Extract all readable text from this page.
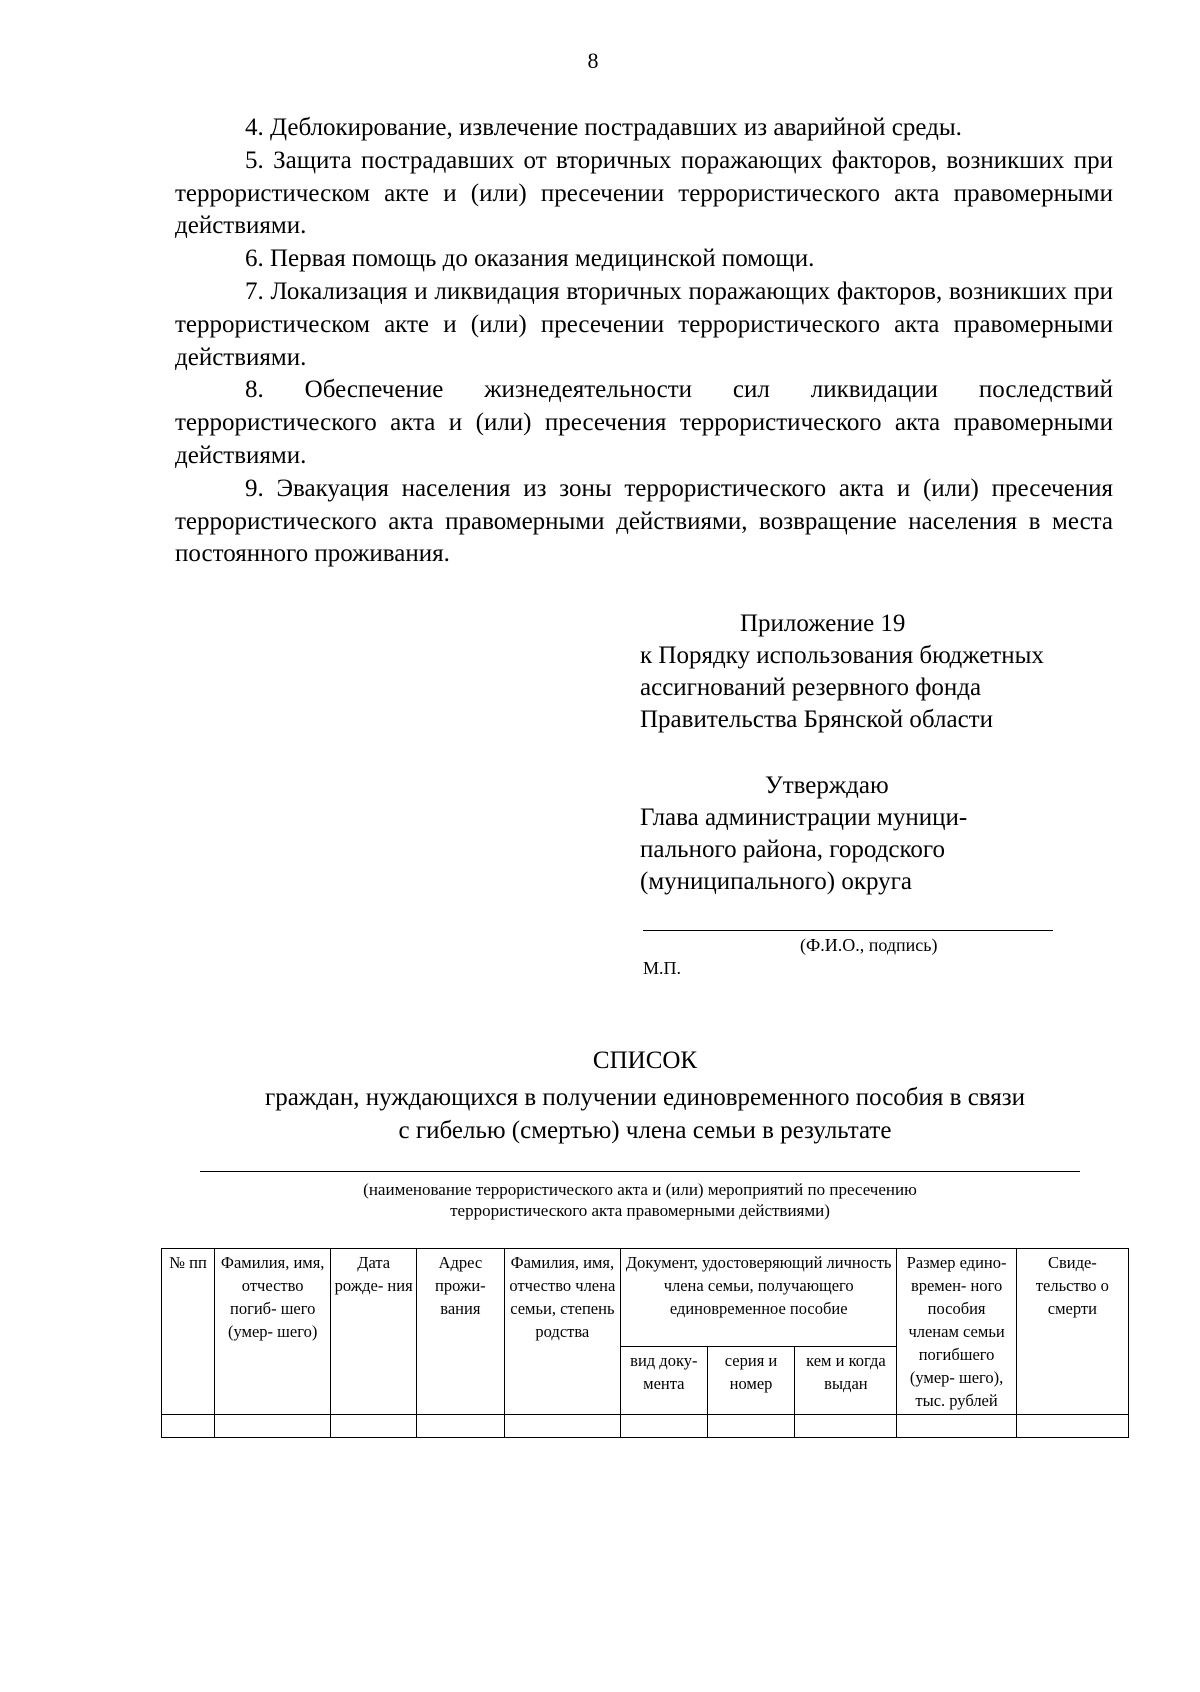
8

4. Деблокирование, извлечение пострадавших из аварийной среды.

5. Защита пострадавших от вторичных поражающих факторов, возникших при террористическом акте и (или) пресечении террористического акта правомерными действиями.

6. Первая помощь до оказания медицинской помощи.

7. Локализация и ликвидация вторичных поражающих факторов, возникших при террористическом акте и (или) пресечении террористического акта правомерными действиями.

8. Обеспечение жизнедеятельности сил ликвидации последствий террористического акта и (или) пресечения террористического акта правомерными действиями.

9. Эвакуация населения из зоны террористического акта и (или) пресечения террористического акта правомерными действиями, возвращение населения в места постоянного проживания.

Приложение 19
к Порядку использования бюджетных
ассигнований резервного фонда
Правительства Брянской области
Утверждаю
Глава администрации муници-
пального района, городского
(муниципального) округа
(Ф.И.О., подпись)
М.П.
СПИСОК
граждан, нуждающихся в получении единовременного пособия в связи
с гибелью (смертью) члена семьи в результате
(наименование террористического акта и (или) мероприятий по пресечению
террористического акта правомерными действиями)
№ пп	Фамилия, имя, отчество погиб- шего (умер- шего)	Дата рожде- ния	Адрес прожи- вания	Фамилия, имя, отчество члена семьи, степень родства	Документ, удостоверяющий личность члена семьи, получающего единовременное пособие			Размер едино- времен- ного пособия членам семьи погибшего (умер- шего), тыс. рублей	Свиде- тельство о смерти
					вид доку- мента	серия и номер	кем и когда выдан		
